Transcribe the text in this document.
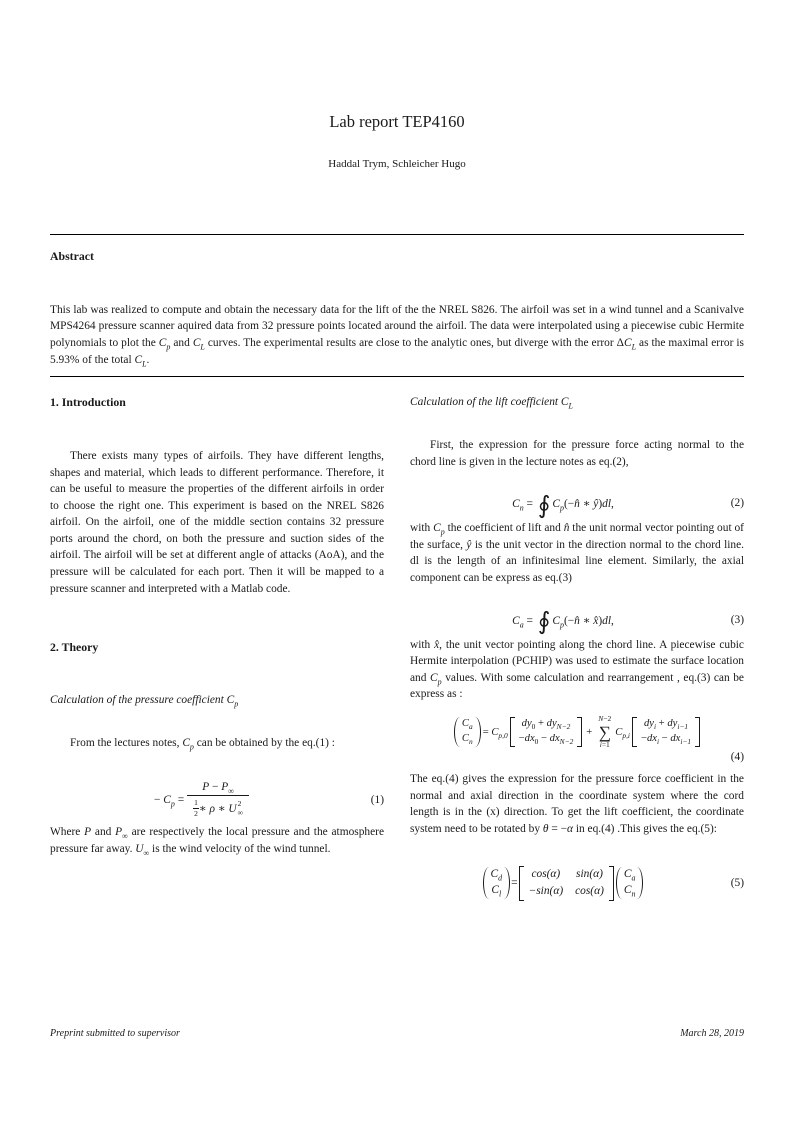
Lab report TEP4160
Haddal Trym, Schleicher Hugo
Abstract

This lab was realized to compute and obtain the necessary data for the lift of the the NREL S826. The airfoil was set in a wind tunnel and a Scanivalve MPS4264 pressure scanner aquired data from 32 pressure points located around the airfoil. The data were interpolated using a piecewise cubic Hermite polynomials to plot the $C_p$ and $C_L$ curves. The experimental results are close to the analytic ones, but diverge with the error $\Delta C_L$ as the maximal error is 5.93% of the total $C_L$.

1. Introduction

There exists many types of airfoils. They have different lengths, shapes and material, which leads to different performance. Therefore, it can be useful to measure the properties of the different airfoils in order to choose the right one. This experiment is based on the NREL S826 airfoil. On the airfoil, one of the middle section contains 32 pressure ports around the chord, on both the pressure and suction sides of the airfoil. The airfoil will be set at different angle of attacks (AoA), and the pressure will be calculated for each port. Then it will be mapped to a pressure scanner and interpreted with a Matlab code.

2. Theory
Calculation of the pressure coefficient $C_p$

From the lectures notes, $C_p$ can be obtained by the eq.(1) :

− $C_p$ =
$P - P_\infty$
$\frac{1}{2}$ ∗ ρ ∗ U 2
∞
(1)

Where P and $P_\infty$ are respectively the local pressure and the atmosphere pressure far away. $U_\infty$ is the wind velocity of the wind tunnel.

Calculation of the lift coefficient $C_L$

First, the expression for the pressure force acting normal to the chord line is given in the lecture notes as eq.(2),

$C_n$ = ∮ $C_p(-n̂$ ∗ ŷ)dl,	(2)

with $C_p$ the coefficient of lift and n̂ the unit normal vector pointing out of the surface, ŷ is the unit vector in the direction normal to the chord line. dl is the length of an infinitesimal line element. Similarly, the axial component can be express as eq.(3)

$C_a$ = ∮ $C_p(-n̂$ ∗ x̂)dl,	(3)

with x̂, the unit vector pointing along the chord line. A piecewise cubic Hermite interpolation (PCHIP) was used to estimate the surface location and $C_p$ values. With some calculation and rearrangement , eq.(3) can be express as :

$C_a$
$C_n$
= $C_{p,0}$
$dy_0 + dy_{N-2}$
$-dx_0 - dx_{N-2}$
+
N−2
∑
i=1
$C_{p,i}$
$dy_i + dy_{i-1}$
$-dx_i - dx_{i-1}$
(4)

The eq.(4) gives the expression for the pressure force coefficient in the normal and axial direction in the coordinate system where the cord length is in the (x) direction. To get the lift coefficient, the coordinate system need to be rotated by θ = −α in eq.(4) .This gives the eq.(5):

$C_d$
$C_l$
=
cos(α) sin(α)
−sin(α) cos(α)
$C_a$
$C_n$
(5)
Preprint submitted to supervisor	March 28, 2019
